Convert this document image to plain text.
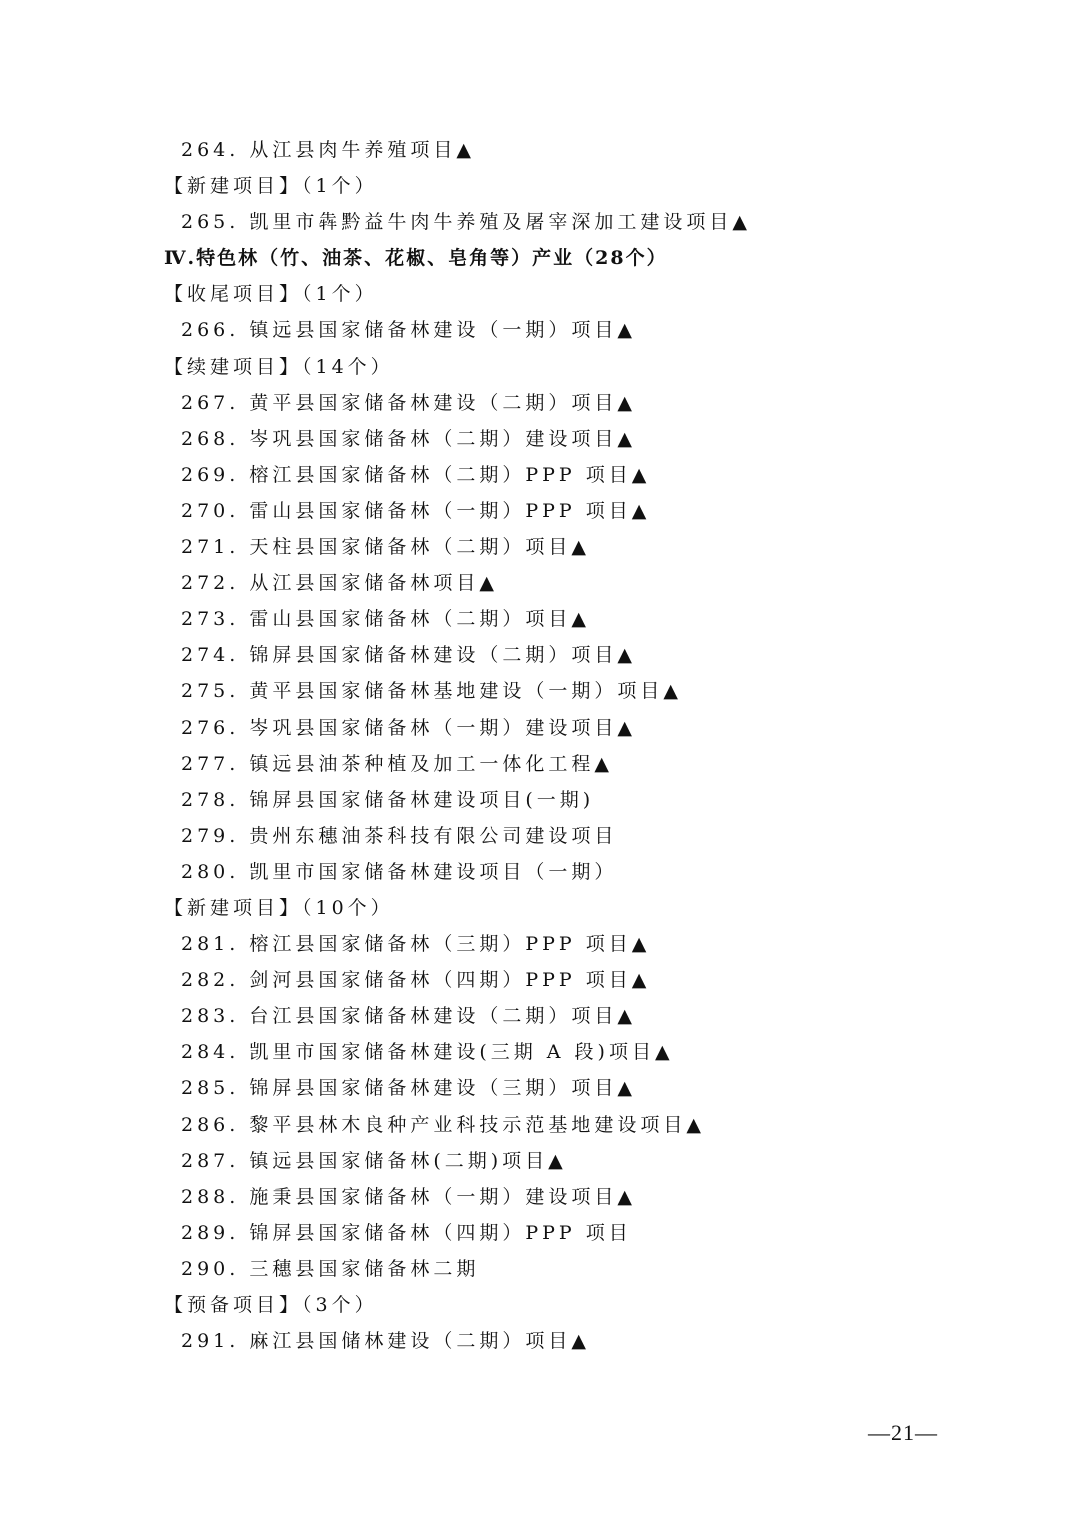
264. 从江县肉牛养殖项目▲
【新建项目】（1个）
265. 凯里市犇黔益牛肉牛养殖及屠宰深加工建设项目▲
Ⅳ.特色林（竹、油茶、花椒、皂角等）产业（28个）
【收尾项目】（1个）
266. 镇远县国家储备林建设（一期）项目▲
【续建项目】（14个）
267. 黄平县国家储备林建设（二期）项目▲
268. 岑巩县国家储备林（二期）建设项目▲
269. 榕江县国家储备林（二期）PPP 项目▲
270. 雷山县国家储备林（一期）PPP 项目▲
271. 天柱县国家储备林（二期）项目▲
272. 从江县国家储备林项目▲
273. 雷山县国家储备林（二期）项目▲
274. 锦屏县国家储备林建设（二期）项目▲
275. 黄平县国家储备林基地建设（一期）项目▲
276. 岑巩县国家储备林（一期）建设项目▲
277. 镇远县油茶种植及加工一体化工程▲
278. 锦屏县国家储备林建设项目(一期)
279. 贵州东穗油茶科技有限公司建设项目
280. 凯里市国家储备林建设项目（一期）
【新建项目】（10个）
281. 榕江县国家储备林（三期）PPP 项目▲
282. 剑河县国家储备林（四期）PPP 项目▲
283. 台江县国家储备林建设（二期）项目▲
284. 凯里市国家储备林建设(三期 A 段)项目▲
285. 锦屏县国家储备林建设（三期）项目▲
286. 黎平县林木良种产业科技示范基地建设项目▲
287. 镇远县国家储备林(二期)项目▲
288. 施秉县国家储备林（一期）建设项目▲
289. 锦屏县国家储备林（四期）PPP 项目
290. 三穗县国家储备林二期
【预备项目】（3个）
291. 麻江县国储林建设（二期）项目▲
—21—
